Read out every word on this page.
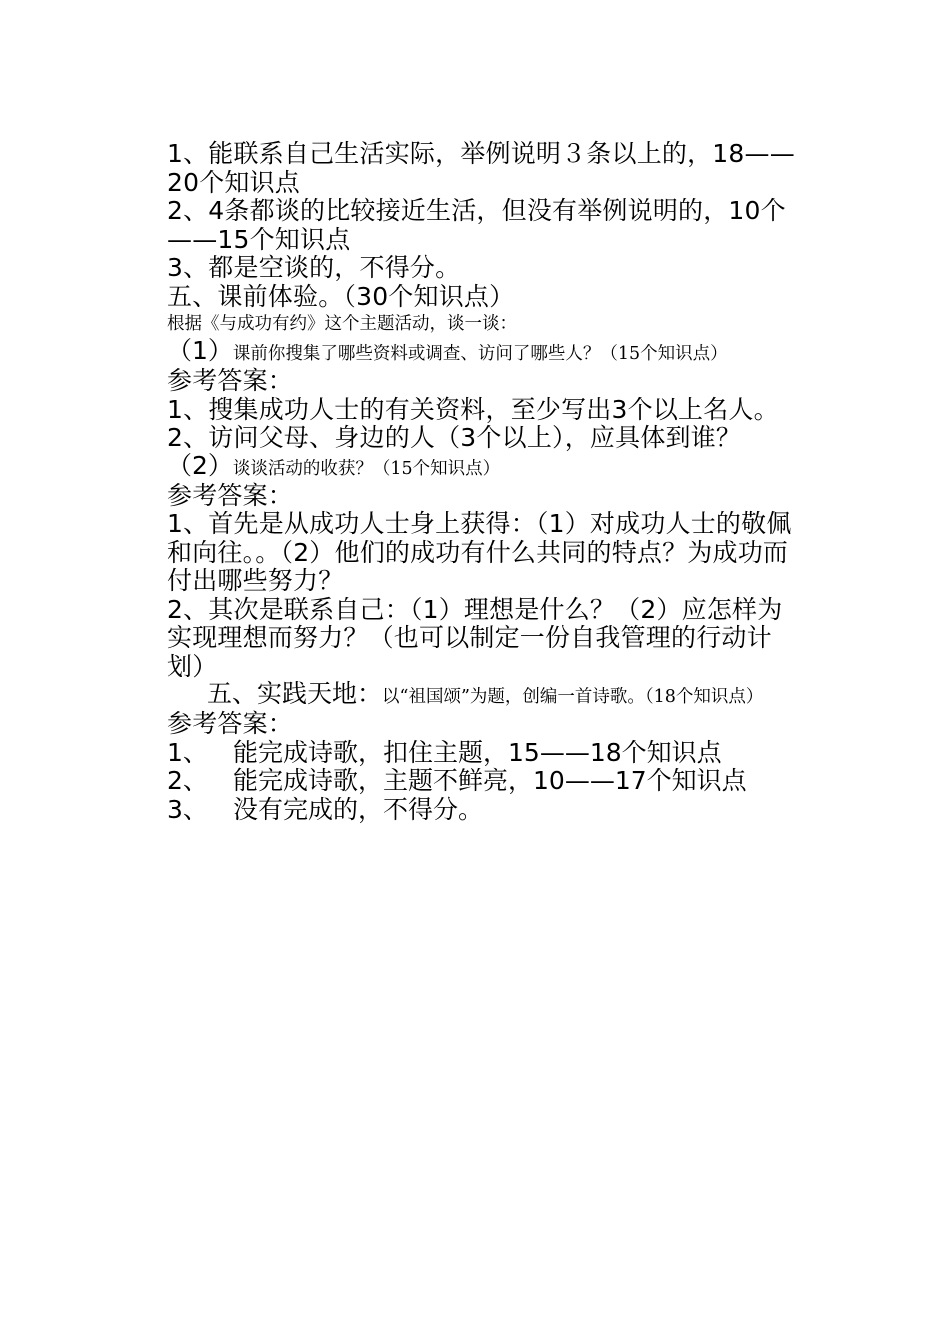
1、能联系自己生活实际，举例说明３条以上的，18——20个知识点

2、4条都谈的比较接近生活，但没有举例说明的，10个——15个知识点

3、都是空谈的，不得分。

五、课前体验。（30个知识点）

根据《与成功有约》这个主题活动，谈一谈：

（1）课前你搜集了哪些资料或调查、访问了哪些人？（15个知识点）

参考答案：

1、搜集成功人士的有关资料，至少写出3个以上名人。

2、访问父母、身边的人（3个以上），应具体到谁？

（2）谈谈活动的收获？（15个知识点）

参考答案：

1、首先是从成功人士身上获得：（1）对成功人士的敬佩和向往。。（2）他们的成功有什么共同的特点？为成功而付出哪些努力？

2、其次是联系自己：（1）理想是什么？（2）应怎样为实现理想而努力？（也可以制定一份自我管理的行动计划）

五、实践天地：以“祖国颂”为题，创编一首诗歌。（18个知识点）

参考答案：

1、	能完成诗歌，扣住主题，15——18个知识点
2、	能完成诗歌，主题不鲜亮，10——17个知识点
3、	没有完成的，不得分。
